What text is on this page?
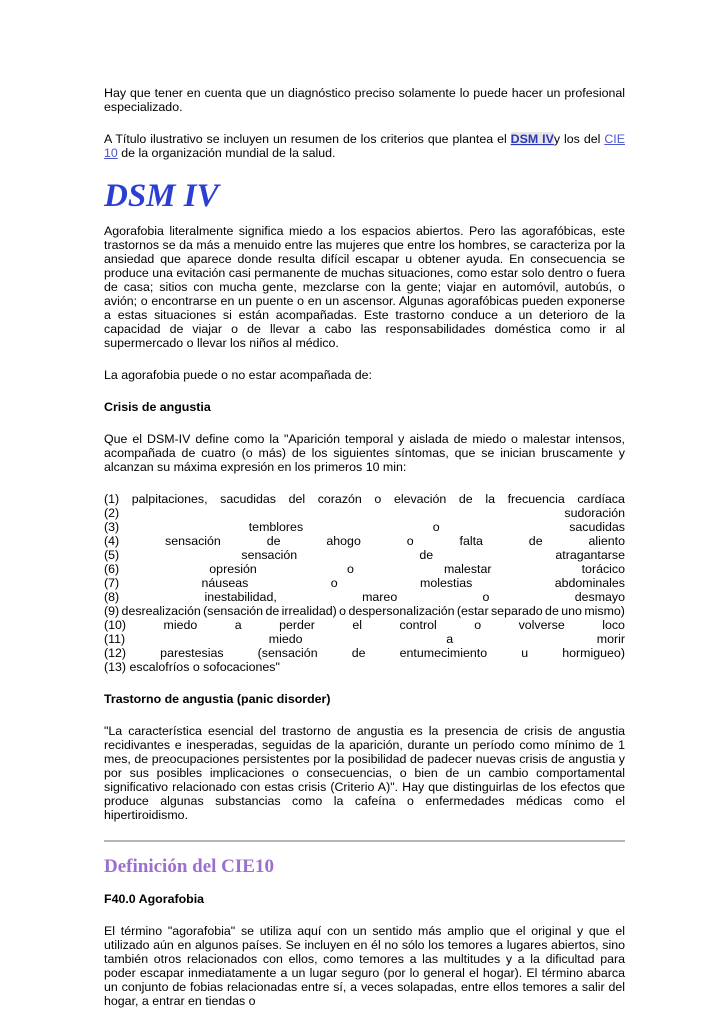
Hay que tener en cuenta que un diagnóstico preciso solamente lo puede hacer un profesional especializado.

A Título ilustrativo se incluyen un resumen de los criterios que plantea el DSM IVy los del CIE 10 de la organización mundial de la salud.

DSM IV

Agorafobia literalmente significa miedo a los espacios abiertos. Pero las agorafóbicas, este trastornos se da más a menuido entre las mujeres que entre los hombres, se caracteriza por la ansiedad que aparece donde resulta difícil escapar u obtener ayuda. En consecuencia se produce una evitación casi permanente de muchas situaciones, como estar solo dentro o fuera de casa; sitios con mucha gente, mezclarse con la gente; viajar en automóvil, autobús, o avión; o encontrarse en un puente o en un ascensor. Algunas agorafóbicas pueden exponerse a estas situaciones si están acompañadas. Este trastorno conduce a un deterioro de la capacidad de viajar o de llevar a cabo las responsabilidades doméstica como ir al supermercado o llevar los niños al médico.

La agorafobia puede o no estar acompañada de:

Crisis de angustia

Que el DSM-IV define como la "Aparición temporal y aislada de miedo o malestar intensos, acompañada de cuatro (o más) de los siguientes síntomas, que se inician bruscamente y alcanzan su máxima expresión en los primeros 10 min:

(1) palpitaciones, sacudidas del corazón o elevación de la frecuencia cardíaca
(2)	sudoración
(3)	temblores	o	sacudidas
(4)	sensación	de	ahogo	o	falta	de	aliento
(5)	sensación	de	atragantarse
(6)	opresión	o	malestar	torácico
(7)	náuseas	o	molestias	abdominales
(8)	inestabilidad,	mareo	o	desmayo
(9) desrealización (sensación de irrealidad) o despersonalización (estar separado de uno mismo)
(10)	miedo	a	perder	el	control	o	volverse	loco
(11)	miedo	a	morir
(12)	parestesias	(sensación	de	entumecimiento	u	hormigueo)
(13) escalofríos o sofocaciones"

Trastorno de angustia (panic disorder)

"La característica esencial del trastorno de angustia es la presencia de crisis de angustia recidivantes e inesperadas, seguidas de la aparición, durante un período como mínimo de 1 mes, de preocupaciones persistentes por la posibilidad de padecer nuevas crisis de angustia y por sus posibles implicaciones o consecuencias, o bien de un cambio comportamental significativo relacionado con estas crisis (Criterio A)". Hay que distinguirlas de los efectos que produce algunas substancias como la cafeína o enfermedades médicas como el hipertiroidismo.

Definición del CIE10

F40.0 Agorafobia

El término "agorafobia" se utiliza aquí con un sentido más amplio que el original y que el utilizado aún en algunos países. Se incluyen en él no sólo los temores a lugares abiertos, sino también otros relacionados con ellos, como temores a las multitudes y a la dificultad para poder escapar inmediatamente a un lugar seguro (por lo general el hogar). El término abarca un conjunto de fobias relacionadas entre sí, a veces solapadas, entre ellos temores a salir del hogar, a entrar en tiendas o
